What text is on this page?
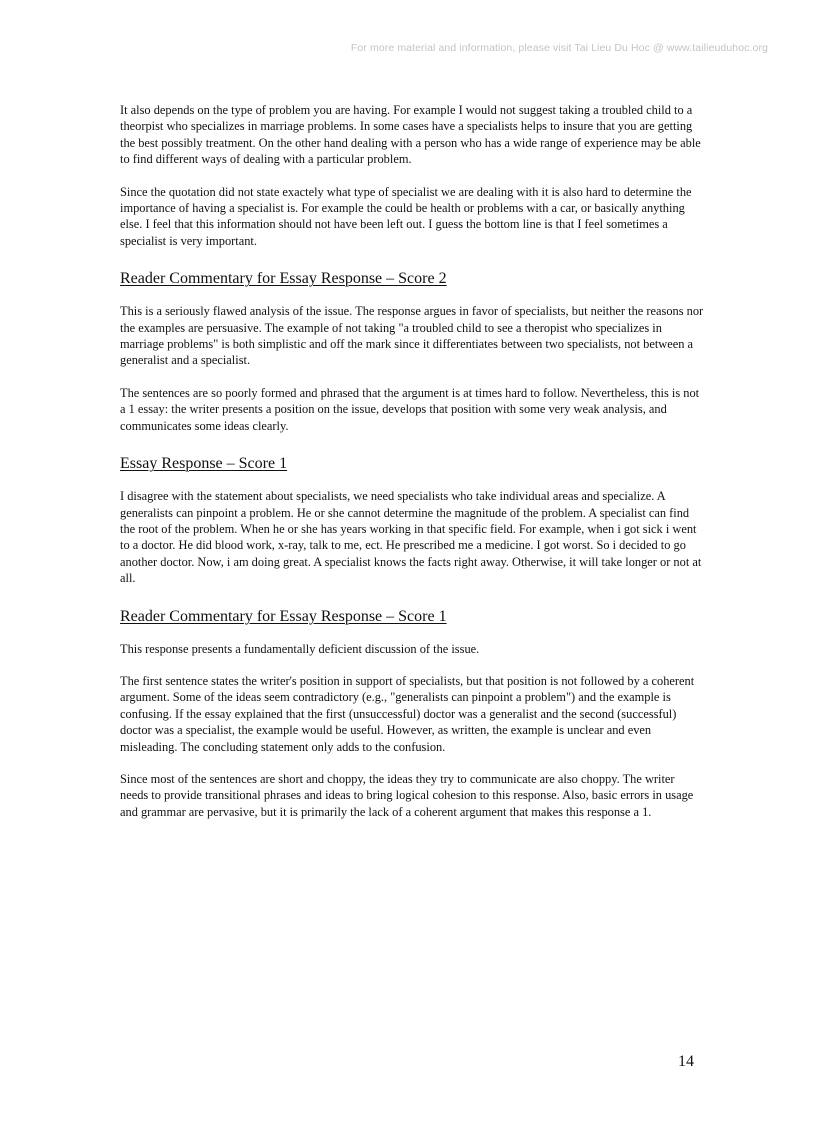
For more material and information, please visit Tai Lieu Du Hoc @ www.tailieuduhoc.org

It also depends on the type of problem you are having. For example I would not suggest taking a troubled child to a theorpist who specializes in marriage problems. In some cases have a specialists helps to insure that you are getting the best possibly treatment. On the other hand dealing with a person who has a wide range of experience may be able to find different ways of dealing with a particular problem.

Since the quotation did not state exactely what type of specialist we are dealing with it is also hard to determine the importance of having a specialist is. For example the could be health or problems with a car, or basically anything else. I feel that this information should not have been left out. I guess the bottom line is that I feel sometimes a specialist is very important.

Reader Commentary for Essay Response – Score 2

This is a seriously flawed analysis of the issue. The response argues in favor of specialists, but neither the reasons nor the examples are persuasive. The example of not taking "a troubled child to see a theropist who specializes in marriage problems" is both simplistic and off the mark since it differentiates between two specialists, not between a generalist and a specialist.

The sentences are so poorly formed and phrased that the argument is at times hard to follow. Nevertheless, this is not a 1 essay: the writer presents a position on the issue, develops that position with some very weak analysis, and communicates some ideas clearly.

Essay Response – Score 1

I disagree with the statement about specialists, we need specialists who take individual areas and specialize. A generalists can pinpoint a problem. He or she cannot determine the magnitude of the problem. A specialist can find the root of the problem. When he or she has years working in that specific field. For example, when i got sick i went to a doctor. He did blood work, x-ray, talk to me, ect. He prescribed me a medicine. I got worst. So i decided to go another doctor. Now, i am doing great. A specialist knows the facts right away. Otherwise, it will take longer or not at all.

Reader Commentary for Essay Response – Score 1

This response presents a fundamentally deficient discussion of the issue.

The first sentence states the writer's position in support of specialists, but that position is not followed by a coherent argument. Some of the ideas seem contradictory (e.g., "generalists can pinpoint a problem") and the example is confusing. If the essay explained that the first (unsuccessful) doctor was a generalist and the second (successful) doctor was a specialist, the example would be useful. However, as written, the example is unclear and even misleading. The concluding statement only adds to the confusion.

Since most of the sentences are short and choppy, the ideas they try to communicate are also choppy. The writer needs to provide transitional phrases and ideas to bring logical cohesion to this response. Also, basic errors in usage and grammar are pervasive, but it is primarily the lack of a coherent argument that makes this response a 1.

14
